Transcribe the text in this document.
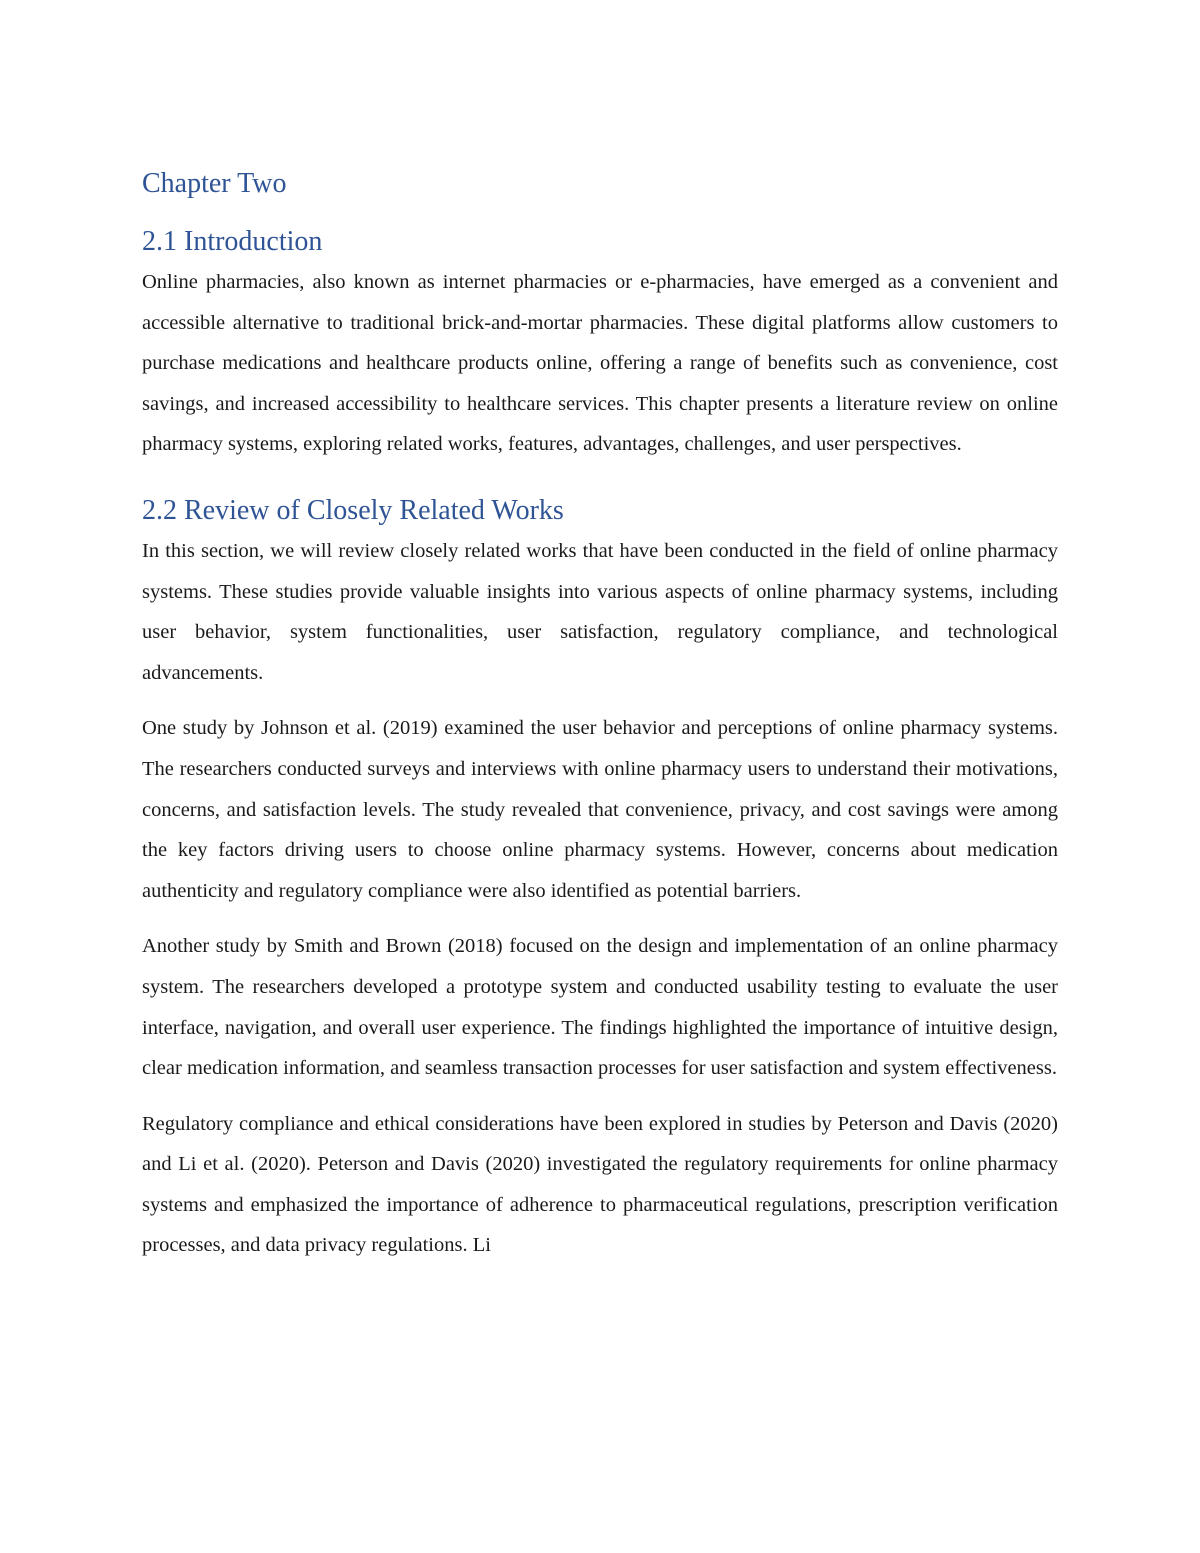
Chapter Two
2.1 Introduction

Online pharmacies, also known as internet pharmacies or e-pharmacies, have emerged as a convenient and accessible alternative to traditional brick-and-mortar pharmacies. These digital platforms allow customers to purchase medications and healthcare products online, offering a range of benefits such as convenience, cost savings, and increased accessibility to healthcare services. This chapter presents a literature review on online pharmacy systems, exploring related works, features, advantages, challenges, and user perspectives.

2.2 Review of Closely Related Works

In this section, we will review closely related works that have been conducted in the field of online pharmacy systems. These studies provide valuable insights into various aspects of online pharmacy systems, including user behavior, system functionalities, user satisfaction, regulatory compliance, and technological advancements.

One study by Johnson et al. (2019) examined the user behavior and perceptions of online pharmacy systems. The researchers conducted surveys and interviews with online pharmacy users to understand their motivations, concerns, and satisfaction levels. The study revealed that convenience, privacy, and cost savings were among the key factors driving users to choose online pharmacy systems. However, concerns about medication authenticity and regulatory compliance were also identified as potential barriers.

Another study by Smith and Brown (2018) focused on the design and implementation of an online pharmacy system. The researchers developed a prototype system and conducted usability testing to evaluate the user interface, navigation, and overall user experience. The findings highlighted the importance of intuitive design, clear medication information, and seamless transaction processes for user satisfaction and system effectiveness.

Regulatory compliance and ethical considerations have been explored in studies by Peterson and Davis (2020) and Li et al. (2020). Peterson and Davis (2020) investigated the regulatory requirements for online pharmacy systems and emphasized the importance of adherence to pharmaceutical regulations, prescription verification processes, and data privacy regulations. Li
